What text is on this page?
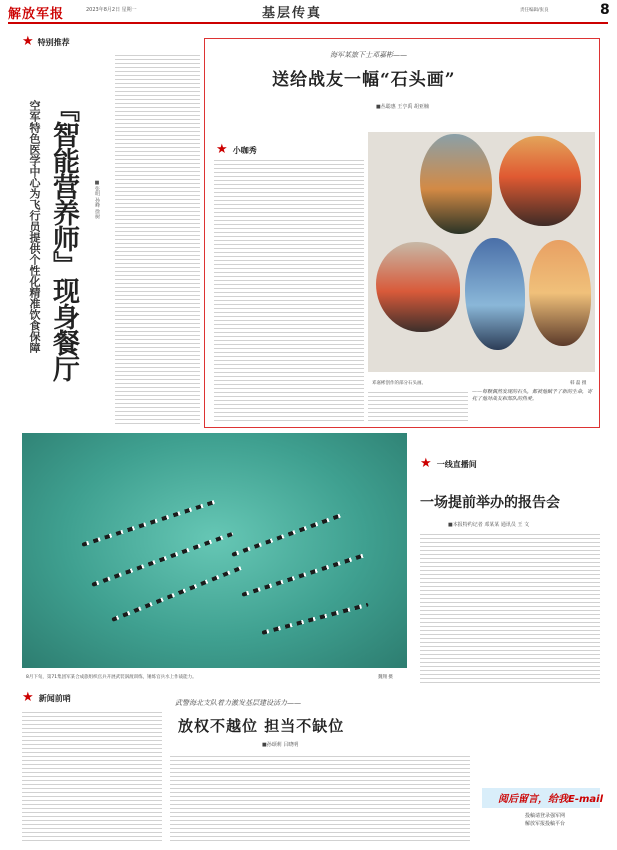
解放军报	2023年8月2日 星期一	基层传真	责任编辑/张良	8
★ 特别推荐
『智能营养师』现身餐厅
空军特色医学中心为飞行员提供个性化精准饮食保障	■张明 孙峰 徐树
海军某旅下士邓嘉彬——
送给战友一幅“石头画”
■丛聪惠 王亨禹 胡亚楠
★ 小咖秀
邓嘉彬创作的部分石头画。	韩 磊 摄
——每颗偶然发现的石头，都被他赋予了新的生命，寄托了他对战友和部队的热爱。
8月下旬，第71集团军某合成旅组织官兵开展武装泅渡训练，锤炼官兵水上作战能力。	魏翔 摄
★ 一线直播间
一场提前举办的报告会
■本报特约记者 邓某某 通讯员 王 文
★ 新闻前哨	武警海北支队着力激发基层建设活力——
放权不越位 担当不缺位
■孙颂莉 吕晓明
阅后留言，给我E-mail
投稿请登录强军网
解放军报投稿平台
